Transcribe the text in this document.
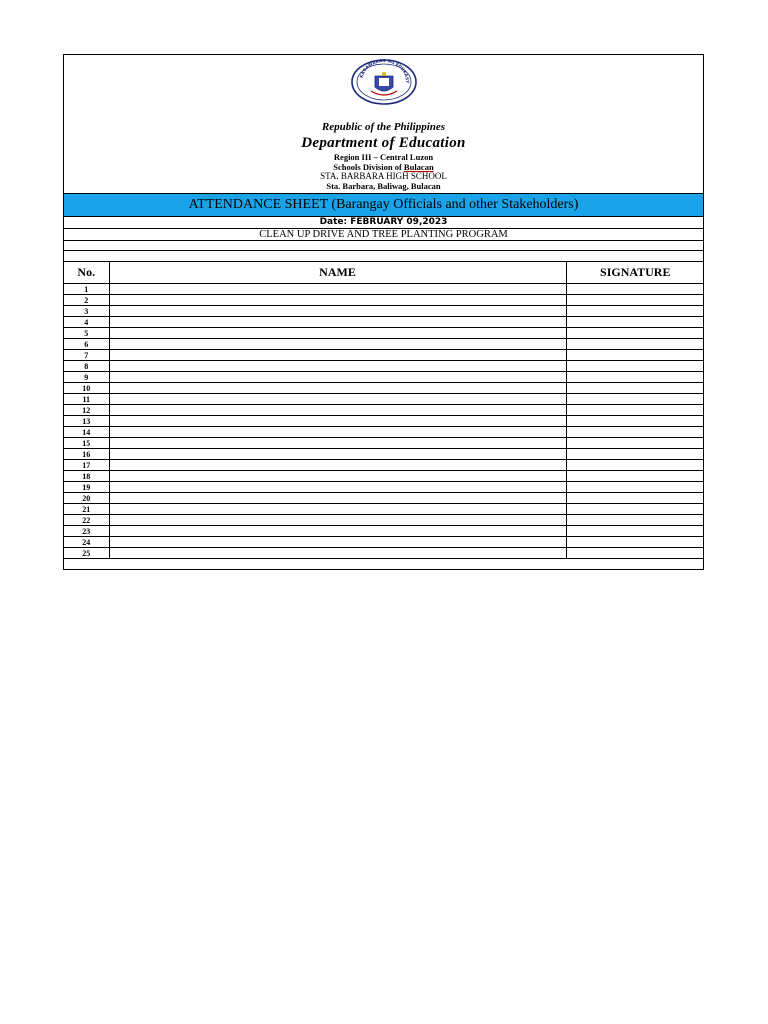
KAGAWARAN NG EDUKASY
Republic of the Philippines
Department of Education
Region III – Central Luzon
Schools Division of Bulacan
STA. BARBARA HIGH SCHOOL
Sta. Barbara, Baliwag, Bulacan
ATTENDANCE SHEET (Barangay Officials and other Stakeholders)
Date: FEBRUARY 09,2023
CLEAN UP DRIVE AND TREE PLANTING PROGRAM
No.	NAME	SIGNATURE
1		
2		
3		
4		
5		
6		
7		
8		
9		
10		
11		
12		
13		
14		
15		
16		
17		
18		
19		
20		
21		
22		
23		
24		
25		
